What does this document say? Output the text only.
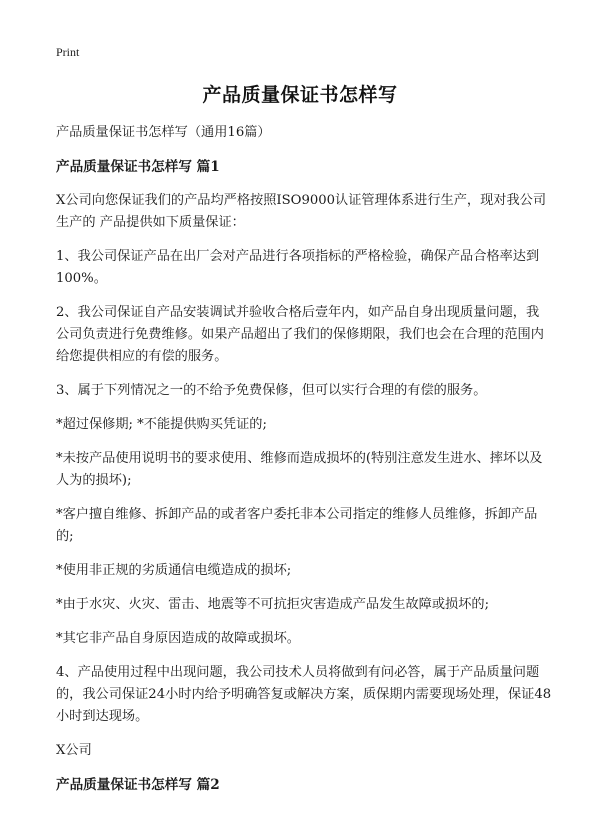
Print
产品质量保证书怎样写

产品质量保证书怎样写（通用16篇）

产品质量保证书怎样写 篇1

X公司向您保证我们的产品均严格按照ISO9000认证管理体系进行生产，现对我公司生产的 产品提供如下质量保证：

1、我公司保证产品在出厂会对产品进行各项指标的严格检验，确保产品合格率达到100%。

2、我公司保证自产品安装调试并验收合格后壹年内，如产品自身出现质量问题，我公司负责进行免费维修。如果产品超出了我们的保修期限，我们也会在合理的范围内给您提供相应的有偿的服务。

3、属于下列情况之一的不给予免费保修，但可以实行合理的有偿的服务。

*超过保修期; *不能提供购买凭证的;

*未按产品使用说明书的要求使用、维修而造成损坏的(特别注意发生进水、摔坏以及人为的损坏);

*客户擅自维修、拆卸产品的或者客户委托非本公司指定的维修人员维修，拆卸产品的;

*使用非正规的劣质通信电缆造成的损坏;

*由于水灾、火灾、雷击、地震等不可抗拒灾害造成产品发生故障或损坏的;

*其它非产品自身原因造成的故障或损坏。

4、产品使用过程中出现问题，我公司技术人员将做到有问必答，属于产品质量问题的，我公司保证24小时内给予明确答复或解决方案，质保期内需要现场处理，保证48小时到达现场。

X公司

产品质量保证书怎样写 篇2
